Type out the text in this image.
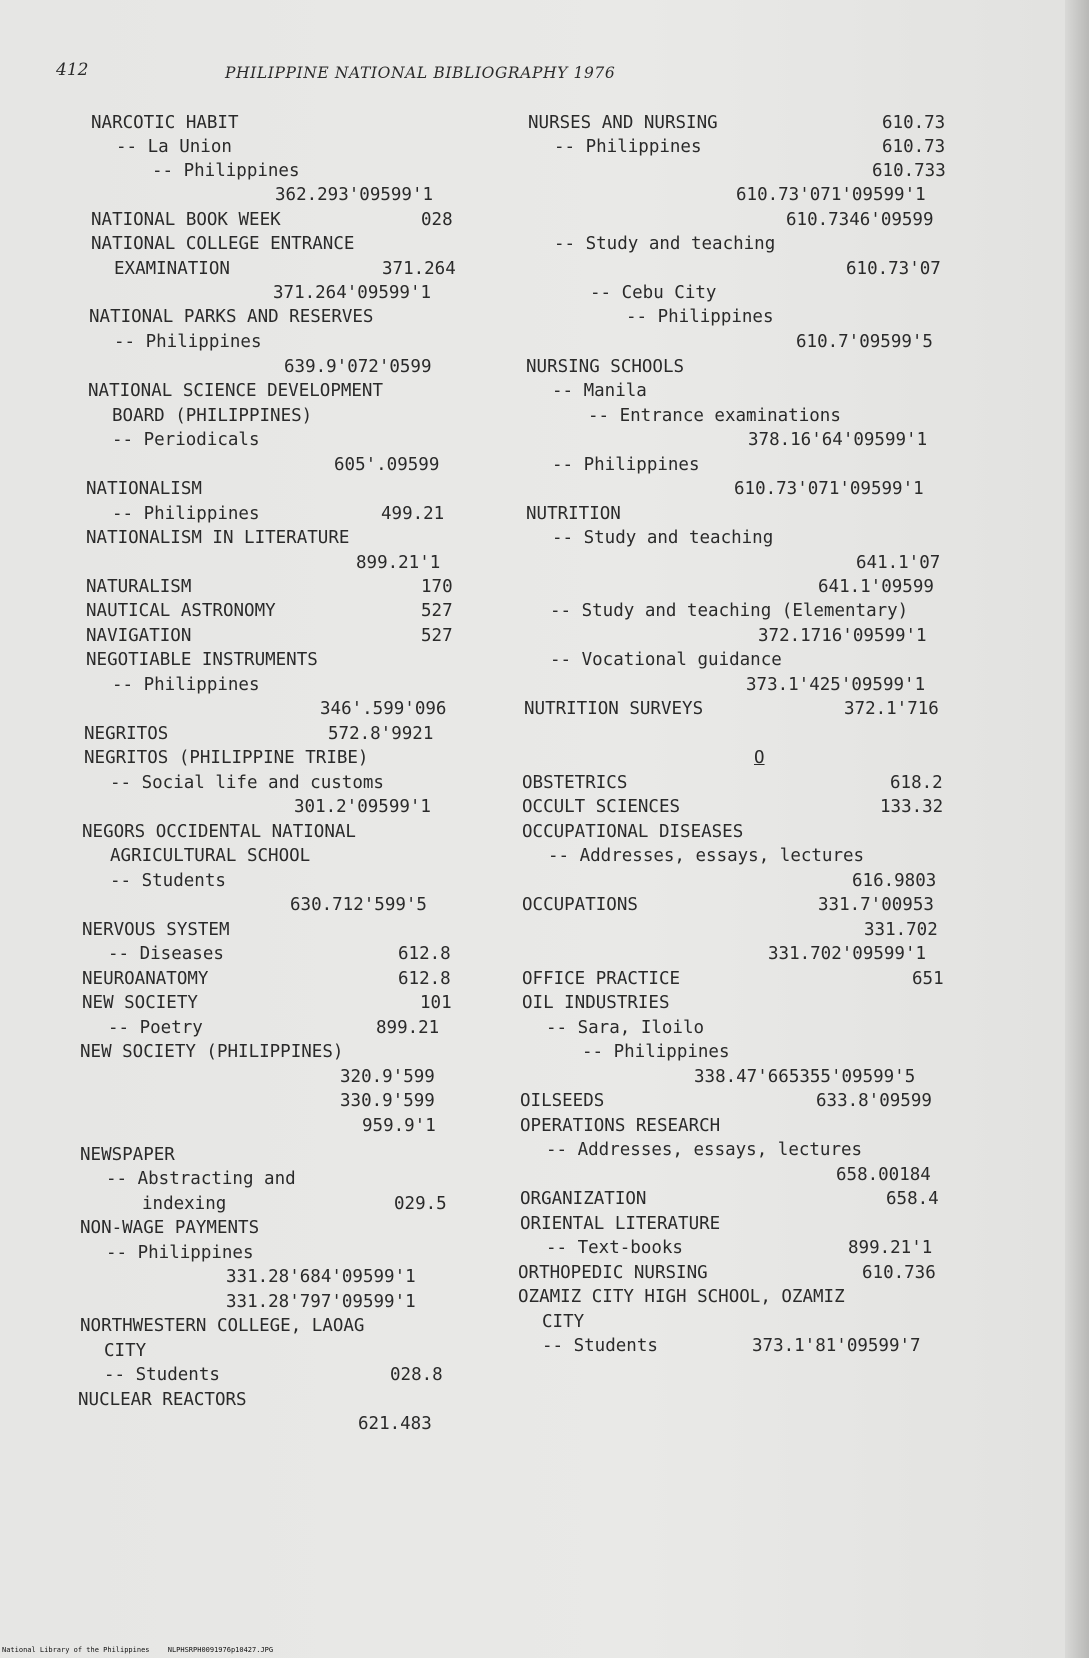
412	PHILIPPINE NATIONAL BIBLIOGRAPHY 1976
NARCOTIC HABIT
-- La Union
-- Philippines
362.293'09599'1
NATIONAL BOOK WEEK
NATIONAL COLLEGE ENTRANCE
EXAMINATION
371.264'09599'1
NATIONAL PARKS AND RESERVES
-- Philippines
639.9'072'0599
NATIONAL SCIENCE DEVELOPMENT
BOARD (PHILIPPINES)
-- Periodicals
605'.09599
NATIONALISM
-- Philippines
NATIONALISM IN LITERATURE
899.21'1
NATURALISM
NAUTICAL ASTRONOMY
NAVIGATION
NEGOTIABLE INSTRUMENTS
-- Philippines
346'.599'096
NEGRITOS
NEGRITOS (PHILIPPINE TRIBE)
-- Social life and customs
301.2'09599'1
NEGORS OCCIDENTAL NATIONAL
AGRICULTURAL SCHOOL
-- Students
630.712'599'5
NERVOUS SYSTEM
-- Diseases
NEUROANATOMY
NEW SOCIETY
-- Poetry
NEW SOCIETY (PHILIPPINES)
320.9'599
330.9'599
959.9'1
NEWSPAPER
-- Abstracting and
indexing
NON-WAGE PAYMENTS
-- Philippines
331.28'684'09599'1
331.28'797'09599'1
NORTHWESTERN COLLEGE, LAOAG
CITY
-- Students
NUCLEAR REACTORS
621.483
028
371.264
499.21
170
527
527
572.8'9921
612.8
612.8
101
899.21
029.5
028.8
NURSES AND NURSING
-- Philippines
-- Study and teaching
-- Cebu City
-- Philippines
NURSING SCHOOLS
-- Manila
-- Entrance examinations
378.16'64'09599'1
-- Philippines
610.73'071'09599'1
NUTRITION
-- Study and teaching
-- Study and teaching (Elementary)
372.1716'09599'1
-- Vocational guidance
373.1'425'09599'1
NUTRITION SURVEYS
O
OBSTETRICS
OCCULT SCIENCES
OCCUPATIONAL DISEASES
-- Addresses, essays, lectures
616.9803
OCCUPATIONS
331.702
331.702'09599'1
OFFICE PRACTICE
OIL INDUSTRIES
-- Sara, Iloilo
-- Philippines
338.47'665355'09599'5
OILSEEDS
OPERATIONS RESEARCH
-- Addresses, essays, lectures
658.00184
ORGANIZATION
ORIENTAL LITERATURE
-- Text-books
ORTHOPEDIC NURSING
OZAMIZ CITY HIGH SCHOOL, OZAMIZ
CITY
-- Students
610.73
610.73
610.733
610.73'071'09599'1
610.7346'09599
610.73'07
610.7'09599'5
641.1'07
641.1'09599
372.1'716
618.2
133.32
331.7'00953
651
633.8'09599
658.4
899.21'1
610.736
373.1'81'09599'7
National Library of the Philippines	NLPHSRPH0091976p10427.JPG
